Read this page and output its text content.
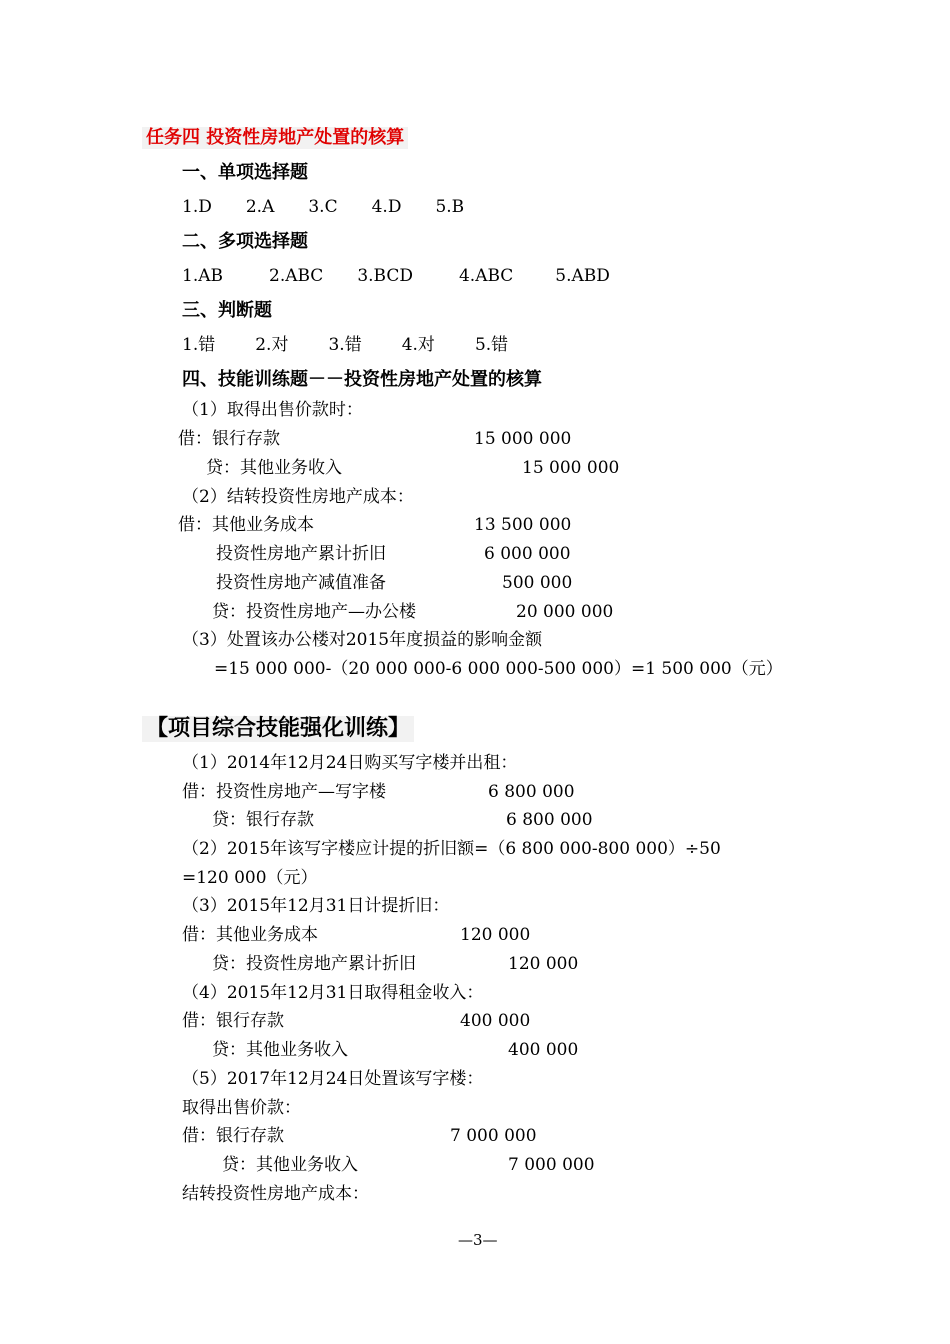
任务四 投资性房地产处置的核算
一、单项选择题
1.D 2.A 3.C 4.D 5.B
二、多项选择题
1.AB	2.ABC 3.BCD	4.ABC 5.ABD
三、判断题
1.错 2.对 3.错 4.对 5.错
四、技能训练题－－投资性房地产处置的核算
（1）取得出售价款时：
借：银行存款	15 000 000
贷：其他业务收入	15 000 000
（2）结转投资性房地产成本：
借：其他业务成本	13 500 000
投资性房地产累计折旧	6 000 000
投资性房地产减值准备	500 000
贷：投资性房地产—办公楼	20 000 000
（3）处置该办公楼对2015年度损益的影响金额
=15 000 000-（20 000 000-6 000 000-500 000）=1 500 000（元）
【项目综合技能强化训练】
（1）2014年12月24日购买写字楼并出租：
借：投资性房地产—写字楼	6 800 000
贷：银行存款	6 800 000
（2）2015年该写字楼应计提的折旧额=（6 800 000-800 000）÷50
=120 000（元）
（3）2015年12月31日计提折旧：
借：其他业务成本	120 000
贷：投资性房地产累计折旧	120 000
（4）2015年12月31日取得租金收入：
借：银行存款	400 000
贷：其他业务收入	400 000
（5）2017年12月24日处置该写字楼：
取得出售价款：
借：银行存款	7 000 000
贷：其他业务收入	7 000 000
结转投资性房地产成本：
—3—
